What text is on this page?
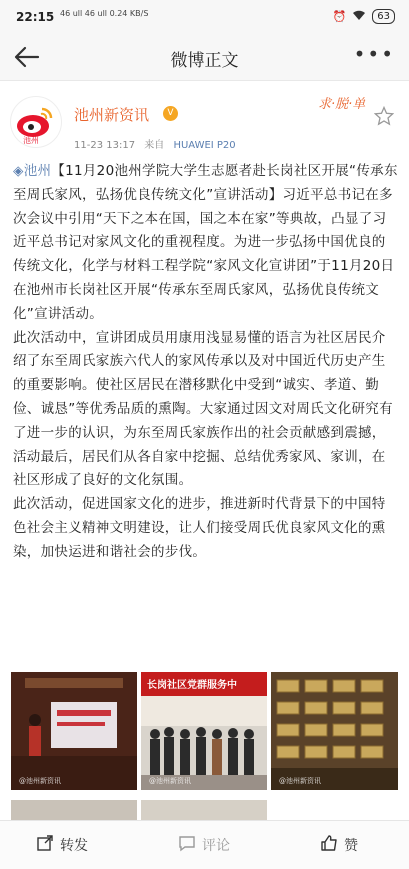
22:15 46 ull 46 ull 0.24 KB/S	⏰	63
微博正文	•••
池州
池州新资讯	V
11-23 13:17 来自 HUAWEI P20
求·脱·单

◈池州【11月20池州学院大学生志愿者赴长岗社区开展“传承东至周氏家风，弘扬优良传统文化”宣讲活动】习近平总书记在多次会议中引用“天下之本在国，国之本在家”等典故，凸显了习近平总书记对家风文化的重视程度。为进一步弘扬中国优良的传统文化，化学与材料工程学院“家风文化宣讲团”于11月20日在池州市长岗社区开展“传承东至周氏家风，弘扬优良传统文化”宣讲活动。

此次活动中，宣讲团成员用康用浅显易懂的语言为社区居民介绍了东至周氏家族六代人的家风传承以及对中国近代历史产生的重要影响。使社区居民在潜移默化中受到“诚实、孝道、勤俭、诚恳”等优秀品质的熏陶。大家通过因文对周氏文化研究有了进一步的认识，为东至周氏家族作出的社会贡献感到震撼，活动最后，居民们从各自家中挖掘、总结优秀家风、家训，在社区形成了良好的文化氛围。

此次活动，促进国家文化的进步，推进新时代背景下的中国特色社会主义精神文明建设，让人们接受周氏优良家风文化的熏染，加快运进和谐社会的步伐。

@池州新资讯
长岗社区党群服务中
@池州新资讯	@池州新资讯
转发	评论	赞
